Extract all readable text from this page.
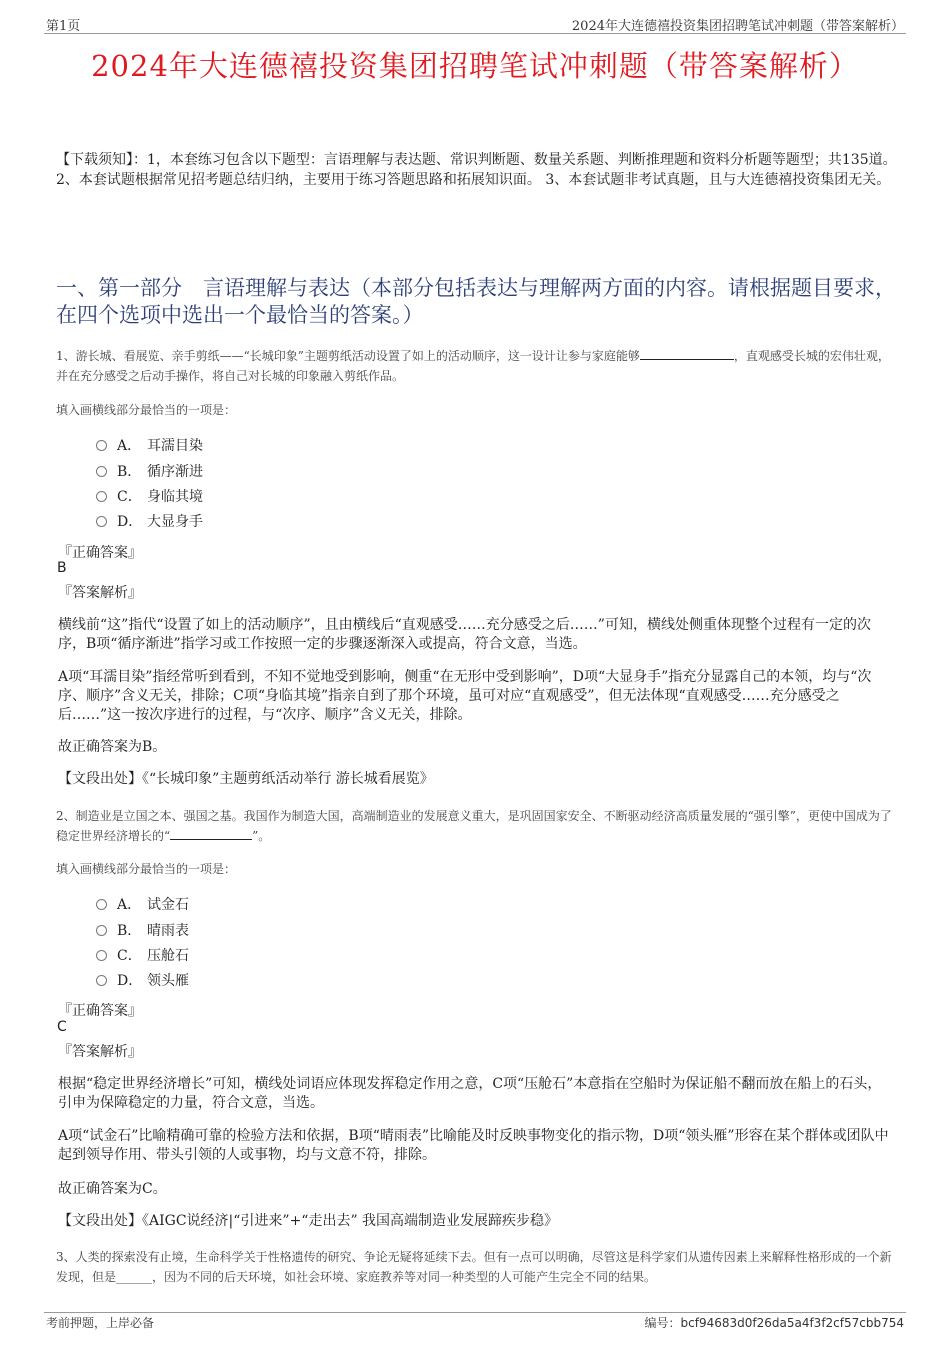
第1页	2024年大连德禧投资集团招聘笔试冲刺题（带答案解析）
2024年大连德禧投资集团招聘笔试冲刺题（带答案解析）
【下载须知】：1，本套练习包含以下题型：言语理解与表达题、常识判断题、数量关系题、判断推理题和资料分析题等题型；共135道。 2、本套试题根据常见招考题总结归纳，主要用于练习答题思路和拓展知识面。 3、本套试题非考试真题，且与大连德禧投资集团无关。
一、第一部分　言语理解与表达（本部分包括表达与理解两方面的内容。请根据题目要求，在四个选项中选出一个最恰当的答案。）
1、游长城、看展览、亲手剪纸——“长城印象”主题剪纸活动设置了如上的活动顺序，这一设计让参与家庭能够	，直观感受长城的宏伟壮观，并在充分感受之后动手操作，将自己对长城的印象融入剪纸作品。
填入画横线部分最恰当的一项是：
A． 耳濡目染
B． 循序渐进
C． 身临其境
D． 大显身手
『正确答案』
B
『答案解析』
横线前“这”指代“设置了如上的活动顺序”，且由横线后“直观感受……充分感受之后……”可知，横线处侧重体现整个过程有一定的次序，B项“循序渐进”指学习或工作按照一定的步骤逐渐深入或提高，符合文意，当选。
A项“耳濡目染”指经常听到看到，不知不觉地受到影响，侧重“在无形中受到影响”，D项“大显身手”指充分显露自己的本领，均与“次序、顺序”含义无关，排除；C项“身临其境”指亲自到了那个环境，虽可对应“直观感受”，但无法体现“直观感受……充分感受之后……”这一按次序进行的过程，与“次序、顺序”含义无关，排除。
故正确答案为B。
【文段出处】《“长城印象”主题剪纸活动举行 游长城看展览》
2、制造业是立国之本、强国之基。我国作为制造大国，高端制造业的发展意义重大，是巩固国家安全、不断驱动经济高质量发展的“强引擎”，更使中国成为了稳定世界经济增长的“	”。
填入画横线部分最恰当的一项是：
A． 试金石
B． 晴雨表
C． 压舱石
D． 领头雁
『正确答案』
C
『答案解析』
根据“稳定世界经济增长”可知，横线处词语应体现发挥稳定作用之意，C项“压舱石”本意指在空船时为保证船不翻而放在船上的石头，引申为保障稳定的力量，符合文意，当选。
A项“试金石”比喻精确可靠的检验方法和依据，B项“晴雨表”比喻能及时反映事物变化的指示物，D项“领头雁”形容在某个群体或团队中起到领导作用、带头引领的人或事物，均与文意不符，排除。
故正确答案为C。
【文段出处】《AIGC说经济|“引进来”+“走出去” 我国高端制造业发展蹄疾步稳》
3、人类的探索没有止境，生命科学关于性格遗传的研究、争论无疑将延续下去。但有一点可以明确，尽管这是科学家们从遗传因素上来解释性格形成的一个新发现，但是______，因为不同的后天环境，如社会环境、家庭教养等对同一种类型的人可能产生完全不同的结果。
考前押题，上岸必备	编号：bcf94683d0f26da5a4f3f2cf57cbb754
